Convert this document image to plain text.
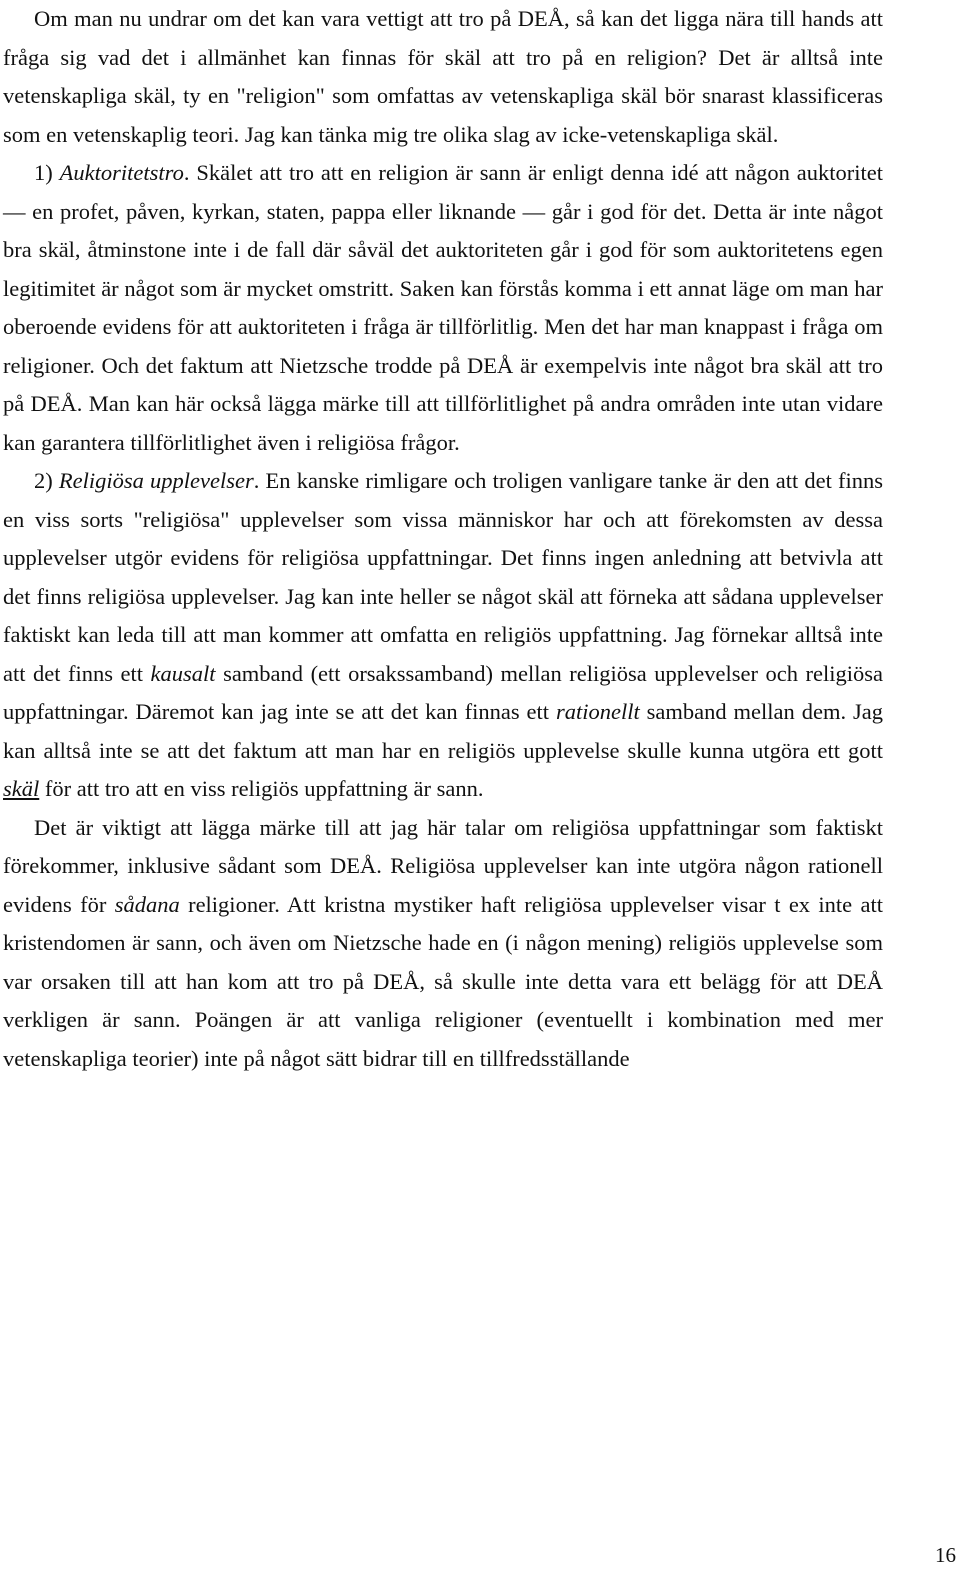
Om man nu undrar om det kan vara vettigt att tro på DEÅ, så kan det ligga nära till hands att fråga sig vad det i allmänhet kan finnas för skäl att tro på en religion? Det är alltså inte vetenskapliga skäl, ty en "religion" som omfattas av vetenskapliga skäl bör snarast klassificeras som en vetenskaplig teori. Jag kan tänka mig tre olika slag av icke-vetenskapliga skäl.

1) Auktoritetstro. Skälet att tro att en religion är sann är enligt denna idé att någon auktoritet — en profet, påven, kyrkan, staten, pappa eller liknande — går i god för det. Detta är inte något bra skäl, åtminstone inte i de fall där såväl det auktoriteten går i god för som auktoritetens egen legitimitet är något som är mycket omstritt. Saken kan förstås komma i ett annat läge om man har oberoende evidens för att auktoriteten i fråga är tillförlitlig. Men det har man knappast i fråga om religioner. Och det faktum att Nietzsche trodde på DEÅ är exempelvis inte något bra skäl att tro på DEÅ. Man kan här också lägga märke till att tillförlitlighet på andra områden inte utan vidare kan garantera tillförlitlighet även i religiösa frågor.

2) Religiösa upplevelser. En kanske rimligare och troligen vanligare tanke är den att det finns en viss sorts "religiösa" upplevelser som vissa människor har och att förekomsten av dessa upplevelser utgör evidens för religiösa uppfattningar. Det finns ingen anledning att betvivla att det finns religiösa upplevelser. Jag kan inte heller se något skäl att förneka att sådana upplevelser faktiskt kan leda till att man kommer att omfatta en religiös uppfattning. Jag förnekar alltså inte att det finns ett kausalt samband (ett orsakssamband) mellan religiösa upplevelser och religiösa uppfattningar. Däremot kan jag inte se att det kan finnas ett rationellt samband mellan dem. Jag kan alltså inte se att det faktum att man har en religiös upplevelse skulle kunna utgöra ett gott skäl för att tro att en viss religiös uppfattning är sann.

Det är viktigt att lägga märke till att jag här talar om religiösa uppfattningar som faktiskt förekommer, inklusive sådant som DEÅ. Religiösa upplevelser kan inte utgöra någon rationell evidens för sådana religioner. Att kristna mystiker haft religiösa upplevelser visar t ex inte att kristendomen är sann, och även om Nietzsche hade en (i någon mening) religiös upplevelse som var orsaken till att han kom att tro på DEÅ, så skulle inte detta vara ett belägg för att DEÅ verkligen är sann. Poängen är att vanliga religioner (eventuellt i kombination med mer vetenskapliga teorier) inte på något sätt bidrar till en tillfredsställande

16
